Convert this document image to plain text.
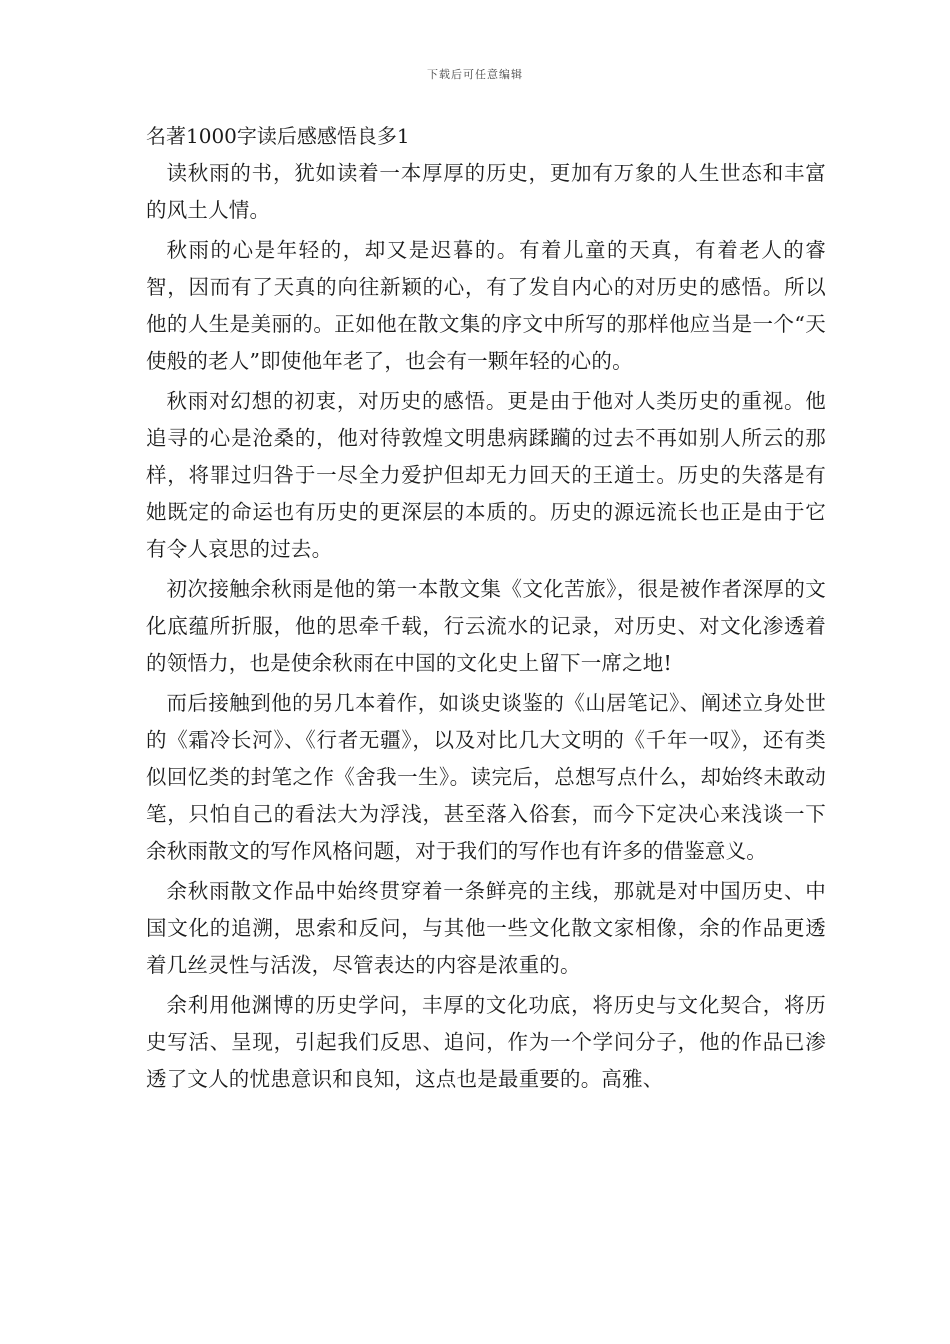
下载后可任意编辑
名著1000字读后感感悟良多1

读秋雨的书，犹如读着一本厚厚的历史，更加有万象的人生世态和丰富的风土人情。

秋雨的心是年轻的，却又是迟暮的。有着儿童的天真，有着老人的睿智，因而有了天真的向往新颖的心，有了发自内心的对历史的感悟。所以他的人生是美丽的。正如他在散文集的序文中所写的那样他应当是一个“天使般的老人”即使他年老了，也会有一颗年轻的心的。

秋雨对幻想的初衷，对历史的感悟。更是由于他对人类历史的重视。他追寻的心是沧桑的，他对待敦煌文明患病蹂躏的过去不再如别人所云的那样，将罪过归咎于一尽全力爱护但却无力回天的王道士。历史的失落是有她既定的命运也有历史的更深层的本质的。历史的源远流长也正是由于它有令人哀思的过去。

初次接触余秋雨是他的第一本散文集《文化苦旅》，很是被作者深厚的文化底蕴所折服，他的思牵千载，行云流水的记录，对历史、对文化渗透着的领悟力，也是使余秋雨在中国的文化史上留下一席之地!

而后接触到他的另几本着作，如谈史谈鉴的《山居笔记》、阐述立身处世的《霜冷长河》、《行者无疆》，以及对比几大文明的《千年一叹》，还有类似回忆类的封笔之作《舍我一生》。读完后，总想写点什么，却始终未敢动笔，只怕自己的看法大为浮浅，甚至落入俗套，而今下定决心来浅谈一下余秋雨散文的写作风格问题，对于我们的写作也有许多的借鉴意义。

余秋雨散文作品中始终贯穿着一条鲜亮的主线，那就是对中国历史、中国文化的追溯，思索和反问，与其他一些文化散文家相像，余的作品更透着几丝灵性与活泼，尽管表达的内容是浓重的。

余利用他渊博的历史学问，丰厚的文化功底，将历史与文化契合，将历史写活、呈现，引起我们反思、追问，作为一个学问分子，他的作品已渗透了文人的忧患意识和良知，这点也是最重要的。高雅、
